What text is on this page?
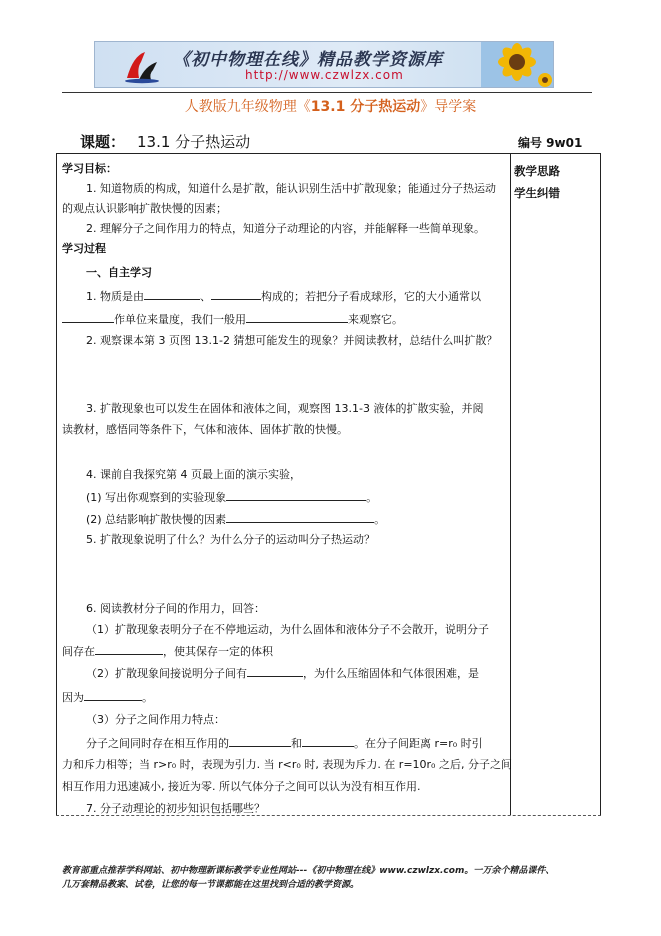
《初中物理在线》精品教学资源库
http://www.czwlzx.com
人教版九年级物理《13.1 分子热运动》导学案
课题： 13.1 分子热运动	编号 9w01
教学思路
学生纠错
学习目标：
1. 知道物质的构成，知道什么是扩散，能认识别生活中扩散现象；能通过分子热运动
的观点认识影响扩散快慢的因素；
2. 理解分子之间作用力的特点，知道分子动理论的内容，并能解释一些简单现象。
学习过程
一、自主学习
1. 物质是由	、	构成的；若把分子看成球形，它的大小通常以
作单位来量度，我们一般用	来观察它。
2. 观察课本第 3 页图 13.1-2 猜想可能发生的现象？并阅读教材，总结什么叫扩散？
3. 扩散现象也可以发生在固体和液体之间，观察图 13.1-3 液体的扩散实验，并阅
读教材，感悟同等条件下，气体和液体、固体扩散的快慢。
4. 课前自我探究第 4 页最上面的演示实验，
(1) 写出你观察到的实验现象	。
(2) 总结影响扩散快慢的因素	。
5. 扩散现象说明了什么？为什么分子的运动叫分子热运动？
6. 阅读教材分子间的作用力，回答：
（1）扩散现象表明分子在不停地运动，为什么固体和液体分子不会散开，说明分子
间存在	，使其保存一定的体积
（2）扩散现象间接说明分子间有	，为什么压缩固体和气体很困难，是
因为	。
（3）分子之间作用力特点：
分子之间同时存在相互作用的	和	。在分子间距离 r=r₀ 时引
力和斥力相等；当 r>r₀ 时，表现为引力. 当 r<r₀ 时, 表现为斥力. 在 r=10r₀ 之后, 分子之间
相互作用力迅速减小, 接近为零. 所以气体分子之间可以认为没有相互作用.
7. 分子动理论的初步知识包括哪些？
教育部重点推荐学科网站、初中物理新课标教学专业性网站---《初中物理在线》www.czwlzx.com。一万余个精品课件、
几万套精品教案、试卷，让您的每一节课都能在这里找到合适的教学资源。
